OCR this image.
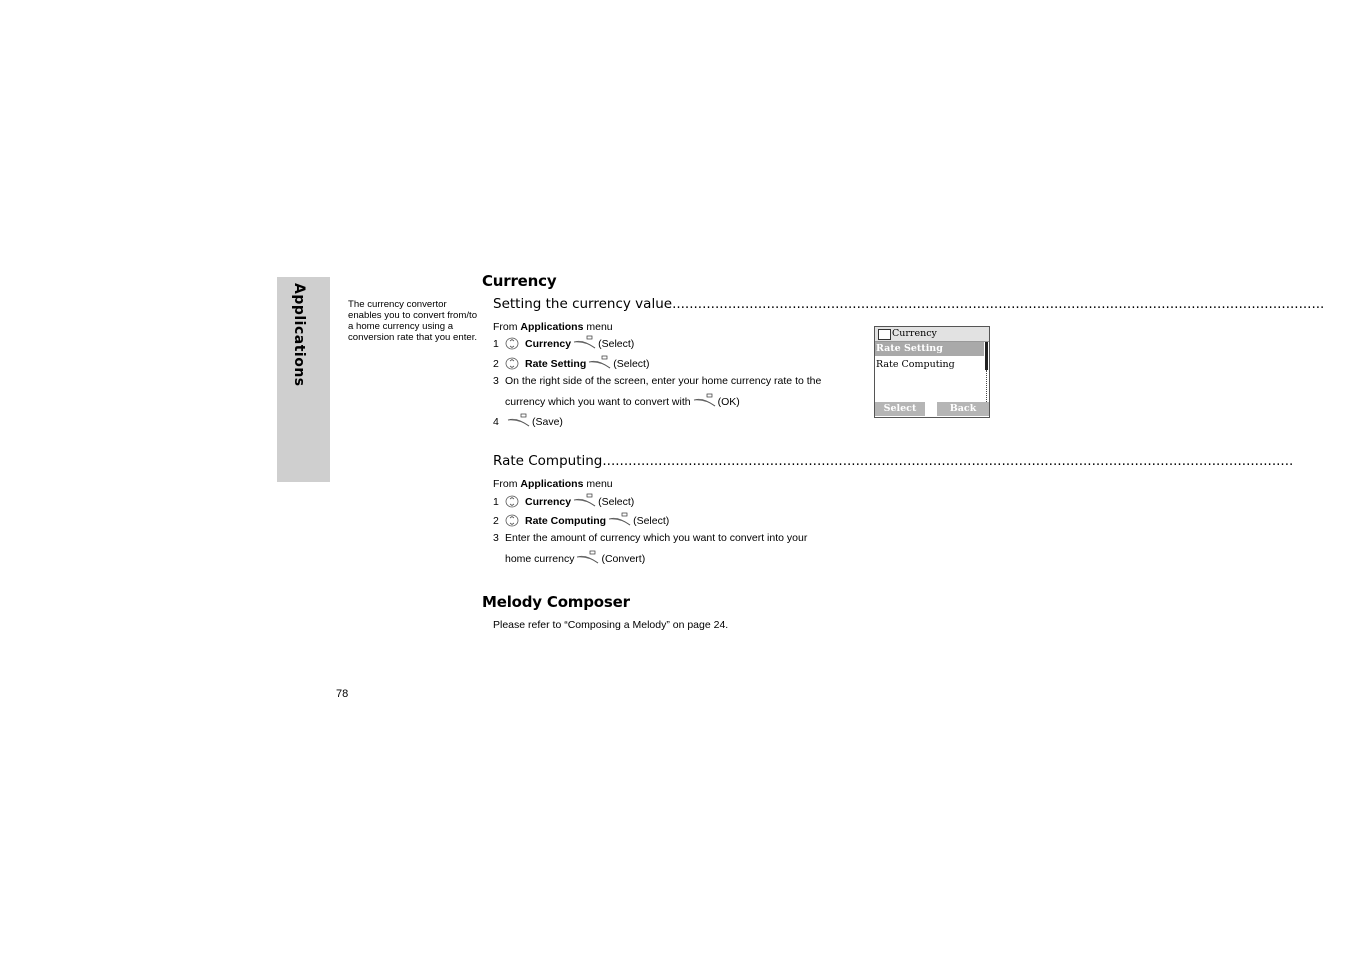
Applications	The currency convertor enables you to convert from/to a home currency using a conversion rate that you enter.
Currency
Setting the currency value........................................................................................................................................................
From Applications menu
1 Currency	(Select)
2 Rate Setting	(Select)
3 On the right side of the screen, enter your home currency rate to the
currency which you want to convert with	(OK)
4	(Save)
Currency
Rate Setting
Rate Computing
Select	Back
Rate Computing.................................................................................................................................................................
From Applications menu
1 Currency	(Select)
2 Rate Computing	(Select)
3 Enter the amount of currency which you want to convert into your
home currency	(Convert)
Melody Composer
Please refer to “Composing a Melody” on page 24.
78
